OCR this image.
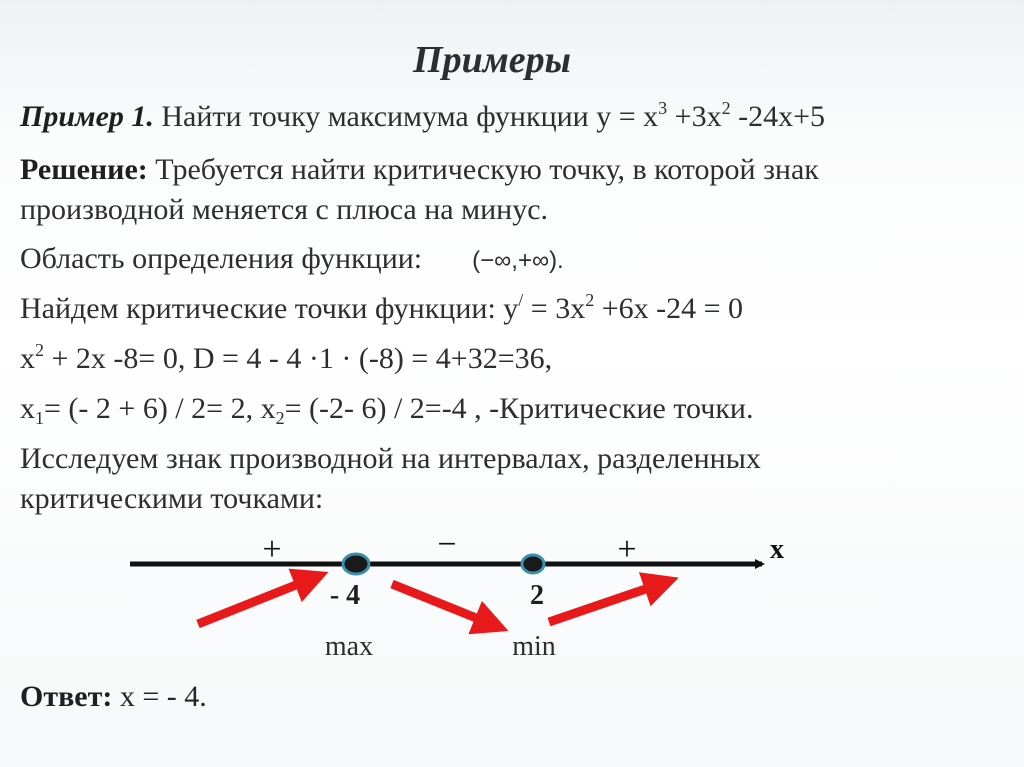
Примеры
Пример 1. Найти точку максимума функции $y = x^3 +3x^2$ -24x+5
Решение: Требуется найти критическую точку, в которой знак
производной меняется с плюса на минус.
Область определения функции: (−∞,+∞).
Найдем критические точки функции: $y^/ = 3x^2 +6x$ -24 = 0
$x^2 + 2x$ -8= 0, D = 4 - 4 ·1 · (-8) = 4+32=36,
$x_1=$ (- 2 + 6) / 2= 2, $x_2= (-2-$ 6) / 2=-4 , -Критические точки.
Исследуем знак производной на интервалах, разделенных
критическими точками:
x
+	−	+
- 4	2
max	min
Ответ: x = - 4.
